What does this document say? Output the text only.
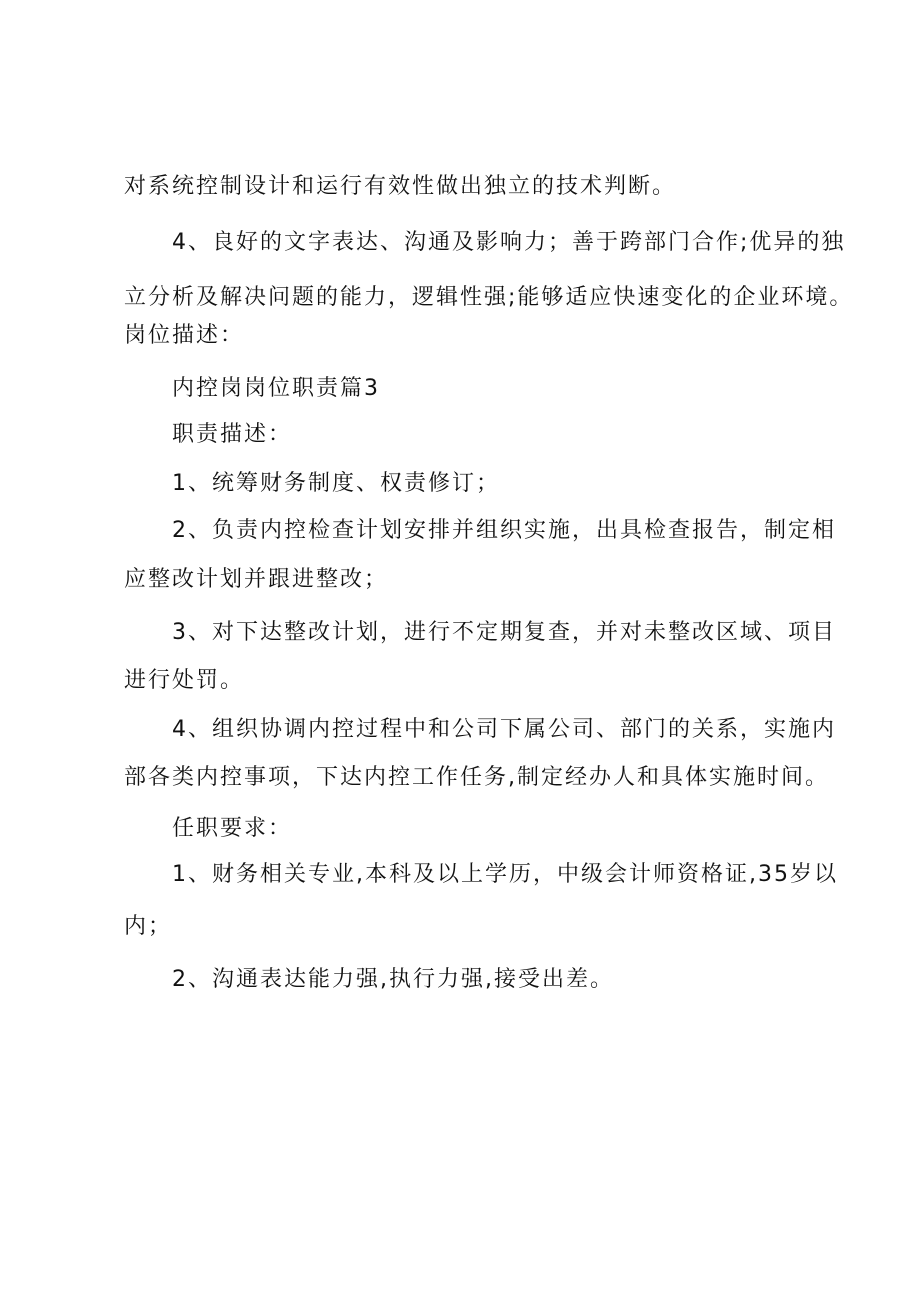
对系统控制设计和运行有效性做出独立的技术判断。
4、良好的文字表达、沟通及影响力；善于跨部门合作;优异的独
立分析及解决问题的能力，逻辑性强;能够适应快速变化的企业环境。
岗位描述：
内控岗岗位职责篇3
职责描述：
1、统筹财务制度、权责修订；
2、负责内控检查计划安排并组织实施，出具检查报告，制定相
应整改计划并跟进整改；
3、对下达整改计划，进行不定期复查，并对未整改区域、项目
进行处罚。
4、组织协调内控过程中和公司下属公司、部门的关系，实施内
部各类内控事项，下达内控工作任务,制定经办人和具体实施时间。
任职要求：
1、财务相关专业,本科及以上学历，中级会计师资格证,35岁以
内；
2、沟通表达能力强,执行力强,接受出差。
